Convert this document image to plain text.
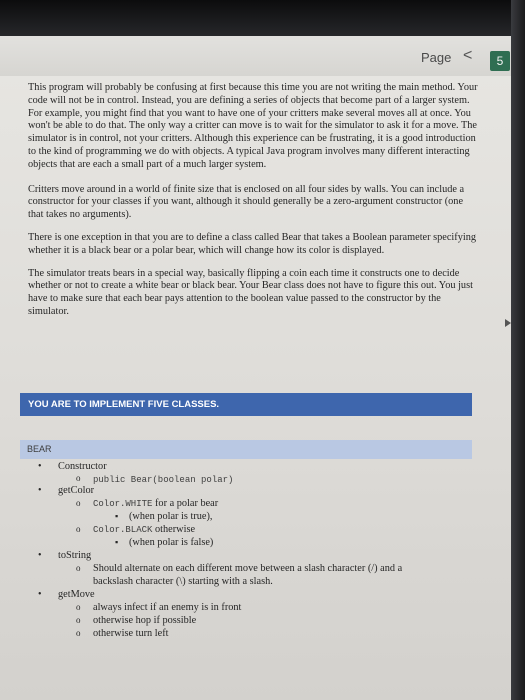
Page <	5

This program will probably be confusing at first because this time you are not writing the main method. Your code will not be in control. Instead, you are defining a series of objects that become part of a larger system. For example, you might find that you want to have one of your critters make several moves all at once. You won't be able to do that. The only way a critter can move is to wait for the simulator to ask it for a move. The simulator is in control, not your critters. Although this experience can be frustrating, it is a good introduction to the kind of programming we do with objects. A typical Java program involves many different interacting objects that are each a small part of a much larger system.

Critters move around in a world of finite size that is enclosed on all four sides by walls. You can include a constructor for your classes if you want, although it should generally be a zero-argument constructor (one that takes no arguments).

There is one exception in that you are to define a class called Bear that takes a Boolean parameter specifying whether it is a black bear or a polar bear, which will change how its color is displayed.

The simulator treats bears in a special way, basically flipping a coin each time it constructs one to decide whether or not to create a white bear or black bear. Your Bear class does not have to figure this out. You just have to make sure that each bear pays attention to the boolean value passed to the constructor by the simulator.

YOU ARE TO IMPLEMENT FIVE CLASSES.
BEAR
• Constructor
o public Bear(boolean polar)
• getColor
o Color.WHITE for a polar bear
▪ (when polar is true),
o Color.BLACK otherwise
▪ (when polar is false)
• toString
o Should alternate on each different move between a slash character (/) and a
backslash character (\) starting with a slash.
• getMove
o always infect if an enemy is in front
o otherwise hop if possible
o otherwise turn left
